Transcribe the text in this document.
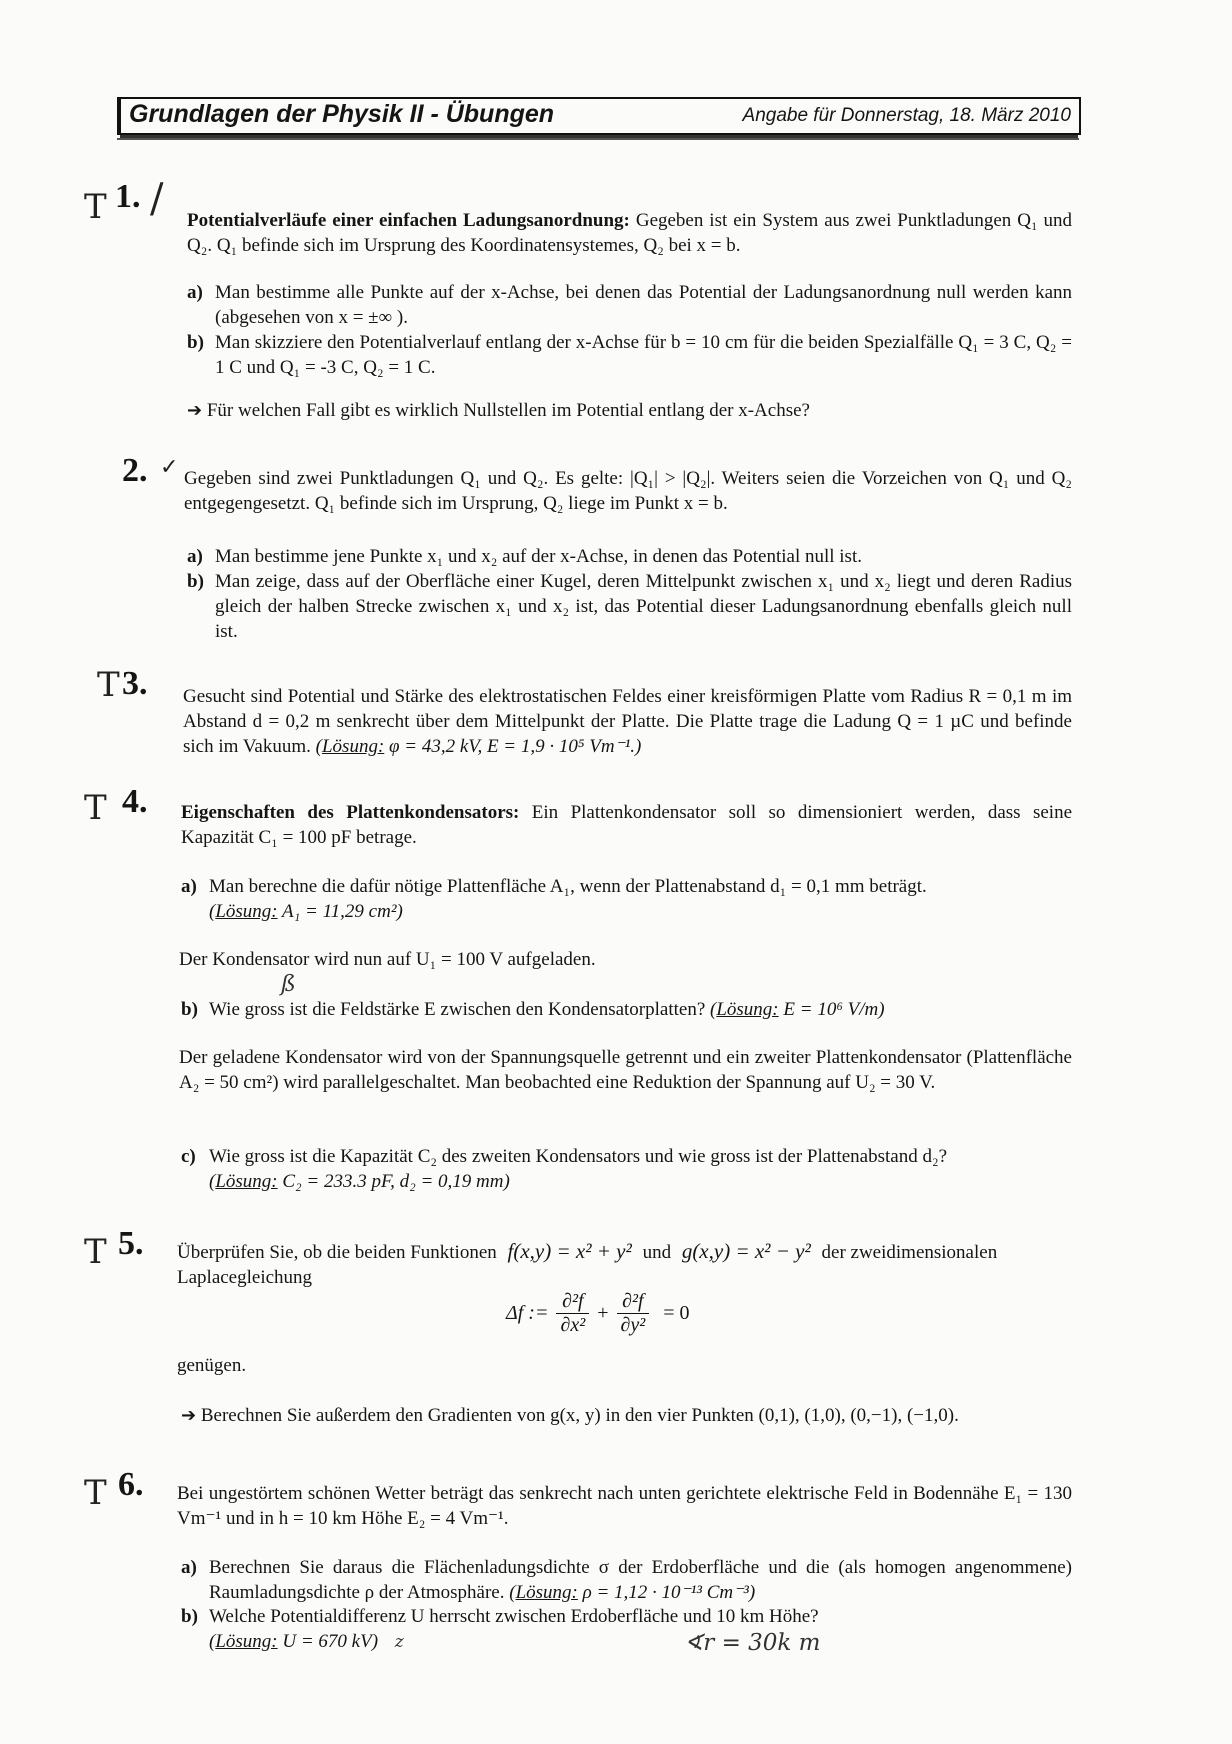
Grundlagen der Physik II - Übungen	Angabe für Donnerstag, 18. März 2010
T 1. / Potentialverläufe einer einfachen Ladungsanordnung: Gegeben ist ein System aus zwei Punktladungen Q₁ und Q₂. Q₁ befinde sich im Ursprung des Koordinatensystemes, Q₂ bei x = b.
a) Man bestimme alle Punkte auf der x-Achse, bei denen das Potential der Ladungsanordnung null werden kann (abgesehen von x = ±∞ ).
b) Man skizziere den Potentialverlauf entlang der x-Achse für b = 10 cm für die beiden Spezialfälle Q₁ = 3 C, Q₂ = 1 C und Q₁ = -3 C, Q₂ = 1 C.
➔ Für welchen Fall gibt es wirklich Nullstellen im Potential entlang der x-Achse?
2. ✓ Gegeben sind zwei Punktladungen Q₁ und Q₂. Es gelte: |Q₁| > |Q₂|. Weiters seien die Vorzeichen von Q₁ und Q₂ entgegengesetzt. Q₁ befinde sich im Ursprung, Q₂ liege im Punkt x = b.
a) Man bestimme jene Punkte x₁ und x₂ auf der x-Achse, in denen das Potential null ist.
b) Man zeige, dass auf der Oberfläche einer Kugel, deren Mittelpunkt zwischen x₁ und x₂ liegt und deren Radius gleich der halben Strecke zwischen x₁ und x₂ ist, das Potential dieser Ladungsanordnung ebenfalls gleich null ist.
T 3. Gesucht sind Potential und Stärke des elektrostatischen Feldes einer kreisförmigen Platte vom Radius R = 0,1 m im Abstand d = 0,2 m senkrecht über dem Mittelpunkt der Platte. Die Platte trage die Ladung Q = 1 µC und befinde sich im Vakuum. (Lösung: φ = 43,2 kV, E = 1,9 · 10⁵ Vm⁻¹.)
T 4. Eigenschaften des Plattenkondensators: Ein Plattenkondensator soll so dimensioniert werden, dass seine Kapazität C₁ = 100 pF betrage.
a) Man berechne die dafür nötige Plattenfläche A₁, wenn der Plattenabstand d₁ = 0,1 mm beträgt.
(Lösung: A₁ = 11,29 cm²)
Der Kondensator wird nun auf U₁ = 100 V aufgeladen.
ß
b) Wie gross ist die Feldstärke E zwischen den Kondensatorplatten? (Lösung: E = 10⁶ V/m)
Der geladene Kondensator wird von der Spannungsquelle getrennt und ein zweiter Plattenkondensator (Plattenfläche A₂ = 50 cm²) wird parallelgeschaltet. Man beobachted eine Reduktion der Spannung auf U₂ = 30 V.
c) Wie gross ist die Kapazität C₂ des zweiten Kondensators und wie gross ist der Plattenabstand d₂?
(Lösung: C₂ = 233.3 pF, d₂ = 0,19 mm)
T 5. Überprüfen Sie, ob die beiden Funktionen f(x,y) = x² + y² und g(x,y) = x² − y² der zweidimensionalen
Laplacegleichung
Δf := $\frac{\text{∂²f}}{\text{∂x²}} + \frac{\text{∂²f}}{\text{∂y²}} = 0$
genügen.
➔ Berechnen Sie außerdem den Gradienten von g(x, y) in den vier Punkten (0,1), (1,0), (0,−1), (−1,0).
T 6. Bei ungestörtem schönen Wetter beträgt das senkrecht nach unten gerichtete elektrische Feld in Bodennähe E₁ = 130 Vm⁻¹ und in h = 10 km Höhe E₂ = 4 Vm⁻¹.
a) Berechnen Sie daraus die Flächenladungsdichte σ der Erdoberfläche und die (als homogen angenommene) Raumladungsdichte ρ der Atmosphäre. (Lösung: ρ = 1,12 · 10⁻¹³ Cm⁻³)
b) Welche Potentialdifferenz U herrscht zwischen Erdoberfläche und 10 km Höhe?
(Lösung: U = 670 kV) z	∢r = 30k m
